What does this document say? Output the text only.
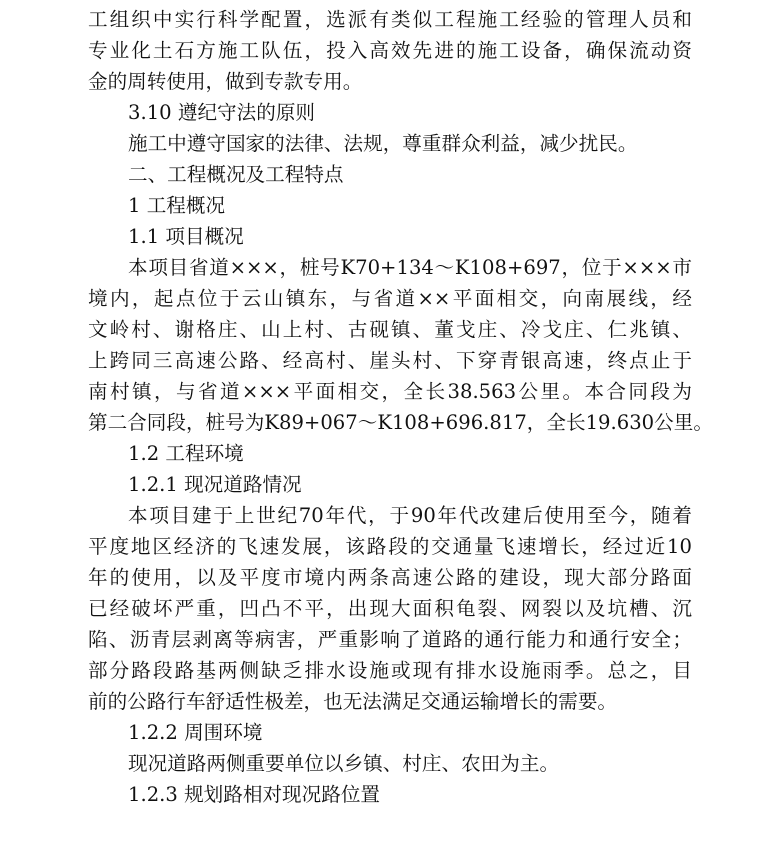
工组织中实行科学配置，选派有类似工程施工经验的管理人员和
专业化土石方施工队伍，投入高效先进的施工设备，确保流动资
金的周转使用，做到专款专用。
3.10 遵纪守法的原则
施工中遵守国家的法律、法规，尊重群众利益，减少扰民。
二、工程概况及工程特点
1 工程概况
1.1 项目概况
本项目省道×××，桩号K70+134～K108+697，位于×××市
境内，起点位于云山镇东，与省道××平面相交，向南展线，经
文岭村、谢格庄、山上村、古砚镇、董戈庄、冷戈庄、仁兆镇、
上跨同三高速公路、经高村、崖头村、下穿青银高速，终点止于
南村镇，与省道×××平面相交，全长38.563公里。本合同段为
第二合同段，桩号为K89+067～K108+696.817，全长19.630公里。
1.2 工程环境
1.2.1 现况道路情况
本项目建于上世纪70年代，于90年代改建后使用至今，随着
平度地区经济的飞速发展，该路段的交通量飞速增长，经过近10
年的使用，以及平度市境内两条高速公路的建设，现大部分路面
已经破坏严重，凹凸不平，出现大面积龟裂、网裂以及坑槽、沉
陷、沥青层剥离等病害，严重影响了道路的通行能力和通行安全；
部分路段路基两侧缺乏排水设施或现有排水设施雨季。总之，目
前的公路行车舒适性极差，也无法满足交通运输增长的需要。
1.2.2 周围环境
现况道路两侧重要单位以乡镇、村庄、农田为主。
1.2.3 规划路相对现况路位置
